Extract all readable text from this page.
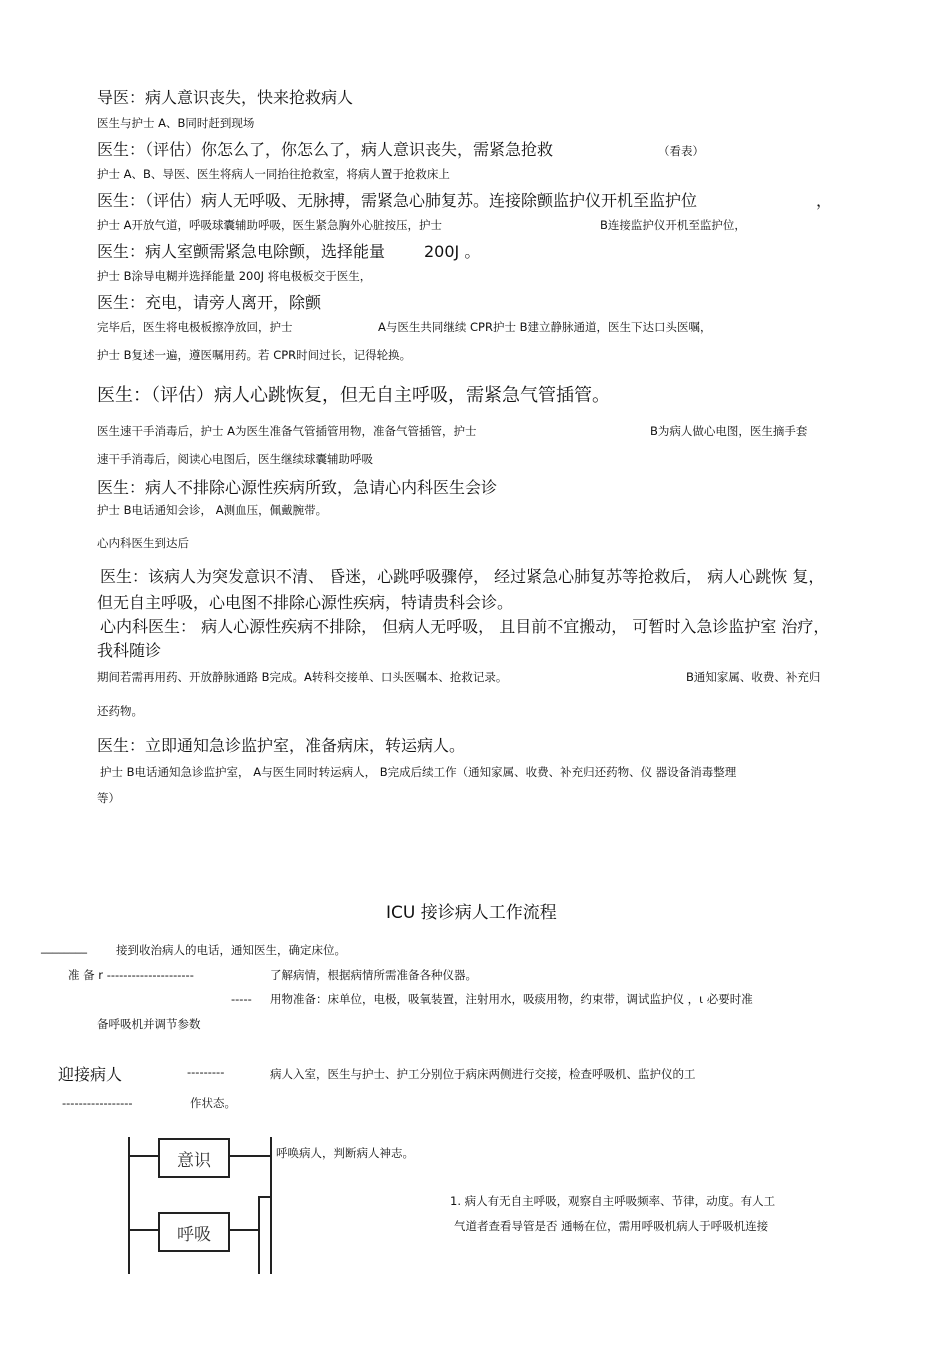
导医：病人意识丧失，快来抢救病人
医生与护士 A、B同时赶到现场
医生：（评估）你怎么了，你怎么了，病人意识丧失，需紧急抢救	（看表）
护士 A、B、导医、医生将病人一同抬往抢救室，将病人置于抢救床上
医生：（评估）病人无呼吸、无脉搏，需紧急心肺复苏。连接除颤监护仪开机至监护位	，
护士 A开放气道，呼吸球囊辅助呼吸，医生紧急胸外心脏按压，护士	B连接监护仪开机至监护位，
医生：病人室颤需紧急电除颤，选择能量 200J 。
护士 B涂导电糊并选择能量 200J 将电极板交于医生，
医生：充电，请旁人离开，除颤
完毕后，医生将电极板擦净放回，护士	A与医生共同继续 CPR护士 B建立静脉通道，医生下达口头医嘱，
护士 B复述一遍，遵医嘱用药。若 CPR时间过长，记得轮换。
医生：（评估）病人心跳恢复，但无自主呼吸，需紧急气管插管。
医生速干手消毒后，护士 A为医生准备气管插管用物，准备气管插管，护士	B为病人做心电图，医生摘手套
速干手消毒后，阅读心电图后，医生继续球囊辅助呼吸
医生：病人不排除心源性疾病所致，急请心内科医生会诊
护士 B电话通知会诊， A测血压，佩戴腕带。
心内科医生到达后
医生：该病人为突发意识不清、 昏迷，心跳呼吸骤停， 经过紧急心肺复苏等抢救后， 病人心跳恢 复，
但无自主呼吸，心电图不排除心源性疾病，特请贵科会诊。
心内科医生： 病人心源性疾病不排除， 但病人无呼吸， 且目前不宜搬动， 可暂时入急诊监护室 治疗，
我科随诊
期间若需再用药、开放静脉通路 B完成。A转科交接单、口头医嘱本、抢救记录。	B通知家属、收费、补充归
还药物。
医生：立即通知急诊监护室，准备病床，转运病人。
护士 B电话通知急诊监护室， A与医生同时转运病人， B完成后续工作（通知家属、收费、补充归还药物、仪 器设备消毒整理
等）
ICU 接诊病人工作流程
________	接到收治病人的电话，通知医生，确定床位。
准 备 r ---------------------	了解病情，根据病情所需准备各种仪器。
----- 用物准备：床单位，电极，吸氧装置，注射用水，吸痰用物，约束带，调试监护仪 ，ι 必要时准
备呼吸机并调节参数
迎接病人	---------	病人入室，医生与护士、护工分别位于病床两侧进行交接，检查呼吸机、监护仪的工
-----------------	作状态。
意识
呼吸
呼唤病人，判断病人神志。
1. 病人有无自主呼吸，观察自主呼吸频率、节律，动度。有人工
气道者查看导管是否 通畅在位，需用呼吸机病人于呼吸机连接
